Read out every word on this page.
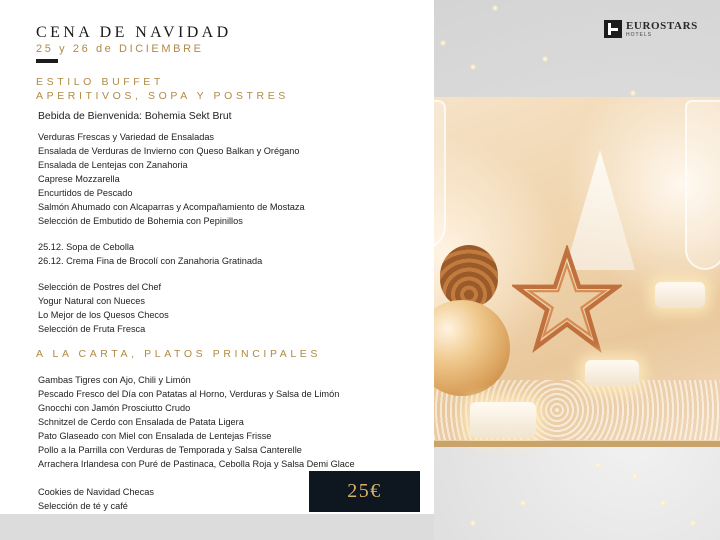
CENA DE NAVIDAD
25 y 26 de DICIEMBRE
EUROSTARS
HOTELS
ESTILO BUFFET
APERITIVOS, SOPA Y POSTRES
Bebida de Bienvenida: Bohemia Sekt Brut
Verduras Frescas y Variedad de Ensaladas
Ensalada de Verduras de Invierno con Queso Balkan y Orégano
Ensalada de Lentejas con Zanahoria
Caprese Mozzarella
Encurtidos de Pescado
Salmón Ahumado con Alcaparras y Acompañamiento de Mostaza
Selección de Embutido de Bohemia con Pepinillos
25.12. Sopa de Cebolla
26.12. Crema Fina de Brocolí con Zanahoria Gratinada
Selección de Postres del Chef
Yogur Natural con Nueces
Lo Mejor de los Quesos Checos
Selección de Fruta Fresca
A LA CARTA, PLATOS PRINCIPALES
Gambas Tigres con Ajo, Chili y Limón
Pescado Fresco del Día con Patatas al Horno, Verduras y Salsa de Limón
Gnocchi con Jamón Prosciutto Crudo
Schnitzel de Cerdo con Ensalada de Patata Ligera
Pato Glaseado con Miel con Ensalada de Lentejas Frisse
Pollo a la Parrilla con Verduras de Temporada y Salsa Canterelle
Arrachera Irlandesa con Puré de Pastinaca, Cebolla Roja y Salsa Demi Glace
Cookies de Navidad Checas
Selección de té y café
25€
